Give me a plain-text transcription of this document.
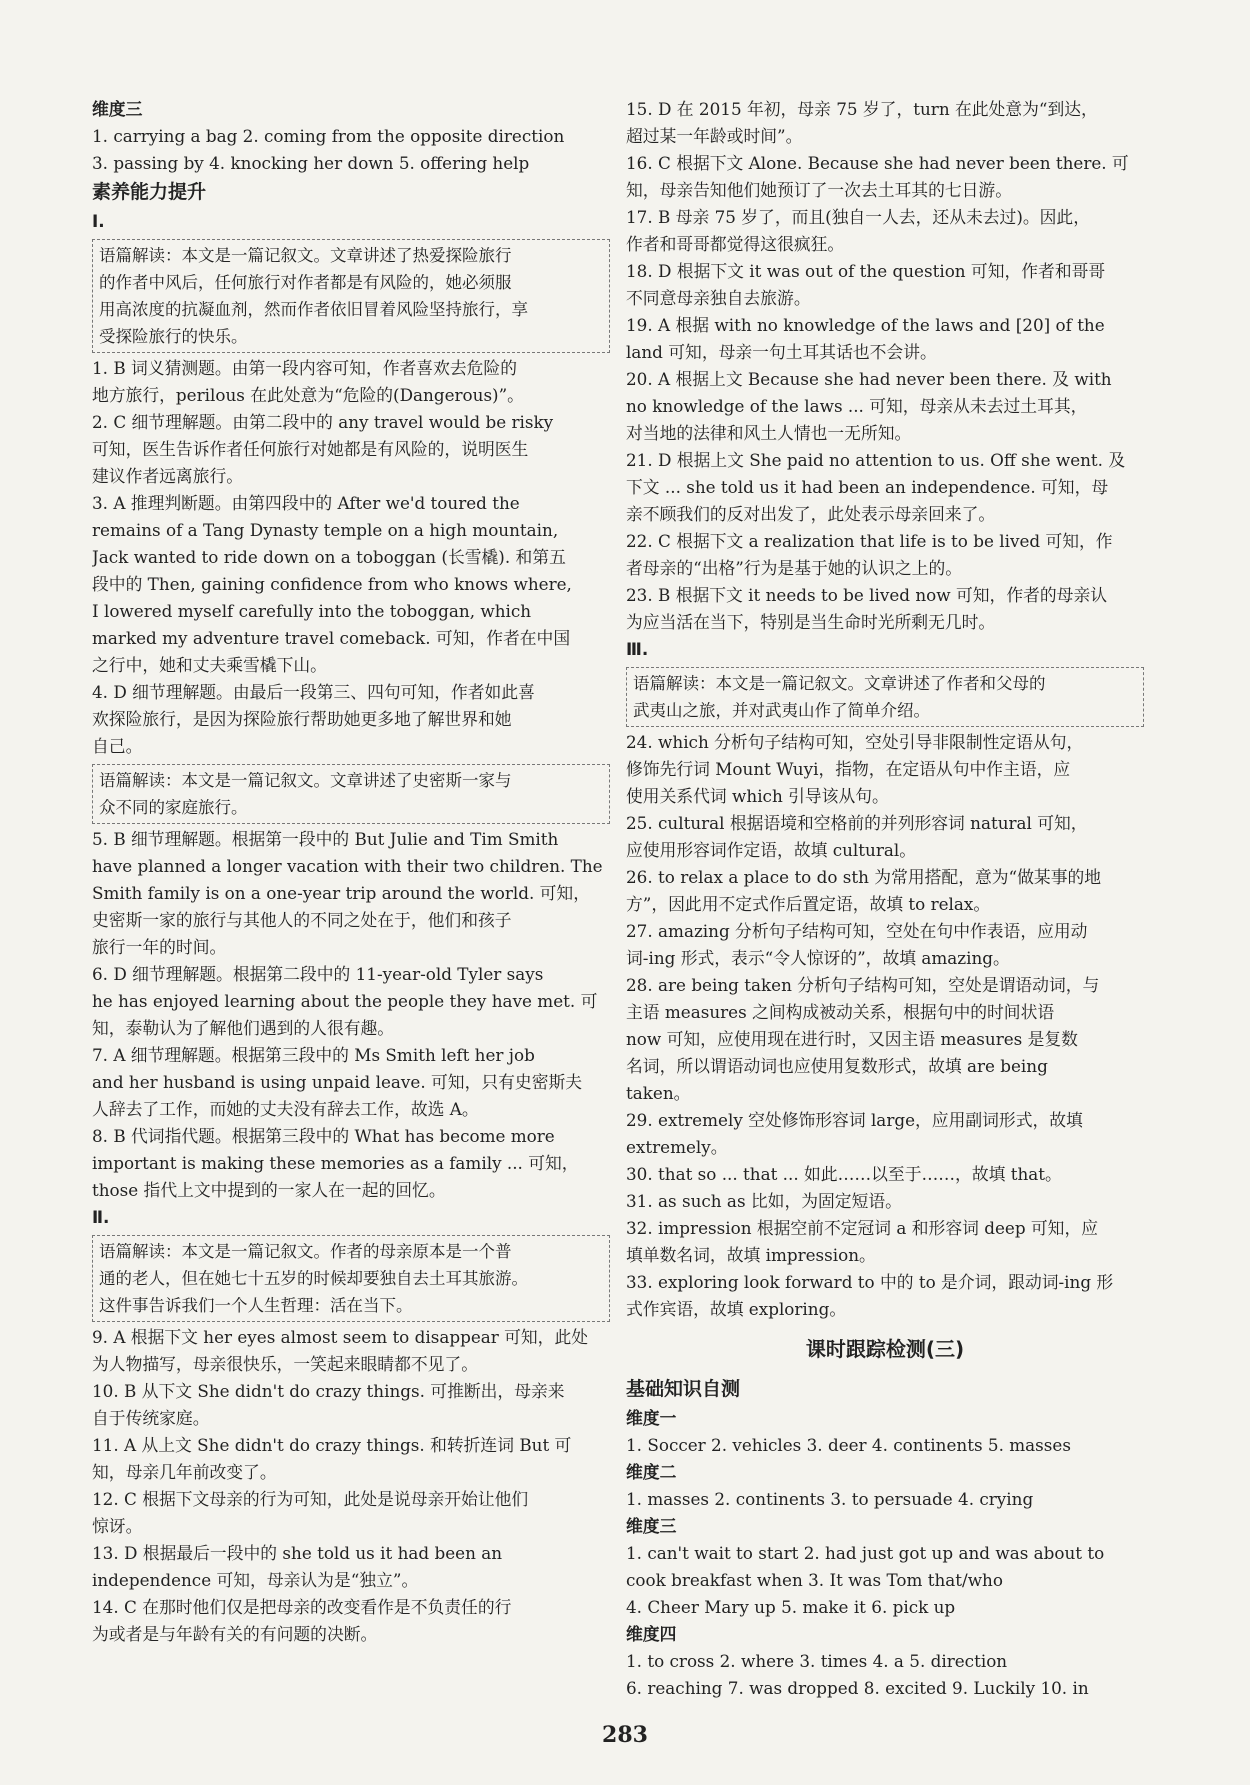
维度三
1. carrying a bag 2. coming from the opposite direction
3. passing by 4. knocking her down 5. offering help
素养能力提升
Ⅰ.
语篇解读：本文是一篇记叙文。文章讲述了热爱探险旅行
的作者中风后，任何旅行对作者都是有风险的，她必须服
用高浓度的抗凝血剂，然而作者依旧冒着风险坚持旅行，享
受探险旅行的快乐。
1. B 词义猜测题。由第一段内容可知，作者喜欢去危险的
地方旅行，perilous 在此处意为“危险的(Dangerous)”。
2. C 细节理解题。由第二段中的 any travel would be risky
可知，医生告诉作者任何旅行对她都是有风险的，说明医生
建议作者远离旅行。
3. A 推理判断题。由第四段中的 After we'd toured the
remains of a Tang Dynasty temple on a high mountain,
Jack wanted to ride down on a toboggan (长雪橇). 和第五
段中的 Then, gaining confidence from who knows where,
I lowered myself carefully into the toboggan, which
marked my adventure travel comeback. 可知，作者在中国
之行中，她和丈夫乘雪橇下山。
4. D 细节理解题。由最后一段第三、四句可知，作者如此喜
欢探险旅行，是因为探险旅行帮助她更多地了解世界和她
自己。
语篇解读：本文是一篇记叙文。文章讲述了史密斯一家与
众不同的家庭旅行。
5. B 细节理解题。根据第一段中的 But Julie and Tim Smith
have planned a longer vacation with their two children. The
Smith family is on a one-year trip around the world. 可知，
史密斯一家的旅行与其他人的不同之处在于，他们和孩子
旅行一年的时间。
6. D 细节理解题。根据第二段中的 11-year-old Tyler says
he has enjoyed learning about the people they have met. 可
知，泰勒认为了解他们遇到的人很有趣。
7. A 细节理解题。根据第三段中的 Ms Smith left her job
and her husband is using unpaid leave. 可知，只有史密斯夫
人辞去了工作，而她的丈夫没有辞去工作，故选 A。
8. B 代词指代题。根据第三段中的 What has become more
important is making these memories as a family ... 可知，
those 指代上文中提到的一家人在一起的回忆。
Ⅱ.
语篇解读：本文是一篇记叙文。作者的母亲原本是一个普
通的老人，但在她七十五岁的时候却要独自去土耳其旅游。
这件事告诉我们一个人生哲理：活在当下。
9. A 根据下文 her eyes almost seem to disappear 可知，此处
为人物描写，母亲很快乐，一笑起来眼睛都不见了。
10. B 从下文 She didn't do crazy things. 可推断出，母亲来
自于传统家庭。
11. A 从上文 She didn't do crazy things. 和转折连词 But 可
知，母亲几年前改变了。
12. C 根据下文母亲的行为可知，此处是说母亲开始让他们
惊讶。
13. D 根据最后一段中的 she told us it had been an
independence 可知，母亲认为是“独立”。
14. C 在那时他们仅是把母亲的改变看作是不负责任的行
为或者是与年龄有关的有问题的决断。
15. D 在 2015 年初，母亲 75 岁了，turn 在此处意为“到达，
超过某一年龄或时间”。
16. C 根据下文 Alone. Because she had never been there. 可
知，母亲告知他们她预订了一次去土耳其的七日游。
17. B 母亲 75 岁了，而且(独自一人去，还从未去过)。因此，
作者和哥哥都觉得这很疯狂。
18. D 根据下文 it was out of the question 可知，作者和哥哥
不同意母亲独自去旅游。
19. A 根据 with no knowledge of the laws and [20] of the
land 可知，母亲一句土耳其话也不会讲。
20. A 根据上文 Because she had never been there. 及 with
no knowledge of the laws ... 可知，母亲从未去过土耳其，
对当地的法律和风土人情也一无所知。
21. D 根据上文 She paid no attention to us. Off she went. 及
下文 ... she told us it had been an independence. 可知，母
亲不顾我们的反对出发了，此处表示母亲回来了。
22. C 根据下文 a realization that life is to be lived 可知，作
者母亲的“出格”行为是基于她的认识之上的。
23. B 根据下文 it needs to be lived now 可知，作者的母亲认
为应当活在当下，特别是当生命时光所剩无几时。
Ⅲ.
语篇解读：本文是一篇记叙文。文章讲述了作者和父母的
武夷山之旅，并对武夷山作了简单介绍。
24. which 分析句子结构可知，空处引导非限制性定语从句，
修饰先行词 Mount Wuyi，指物，在定语从句中作主语，应
使用关系代词 which 引导该从句。
25. cultural 根据语境和空格前的并列形容词 natural 可知，
应使用形容词作定语，故填 cultural。
26. to relax a place to do sth 为常用搭配，意为“做某事的地
方”，因此用不定式作后置定语，故填 to relax。
27. amazing 分析句子结构可知，空处在句中作表语，应用动
词-ing 形式，表示“令人惊讶的”，故填 amazing。
28. are being taken 分析句子结构可知，空处是谓语动词，与
主语 measures 之间构成被动关系，根据句中的时间状语
now 可知，应使用现在进行时，又因主语 measures 是复数
名词，所以谓语动词也应使用复数形式，故填 are being
taken。
29. extremely 空处修饰形容词 large，应用副词形式，故填
extremely。
30. that so ... that ... 如此……以至于……，故填 that。
31. as such as 比如，为固定短语。
32. impression 根据空前不定冠词 a 和形容词 deep 可知，应
填单数名词，故填 impression。
33. exploring look forward to 中的 to 是介词，跟动词-ing 形
式作宾语，故填 exploring。
课时跟踪检测(三)
基础知识自测
维度一
1. Soccer 2. vehicles 3. deer 4. continents 5. masses
维度二
1. masses 2. continents 3. to persuade 4. crying
维度三
1. can't wait to start 2. had just got up and was about to
cook breakfast when 3. It was Tom that/who
4. Cheer Mary up 5. make it 6. pick up
维度四
1. to cross 2. where 3. times 4. a 5. direction
6. reaching 7. was dropped 8. excited 9. Luckily 10. in
283
